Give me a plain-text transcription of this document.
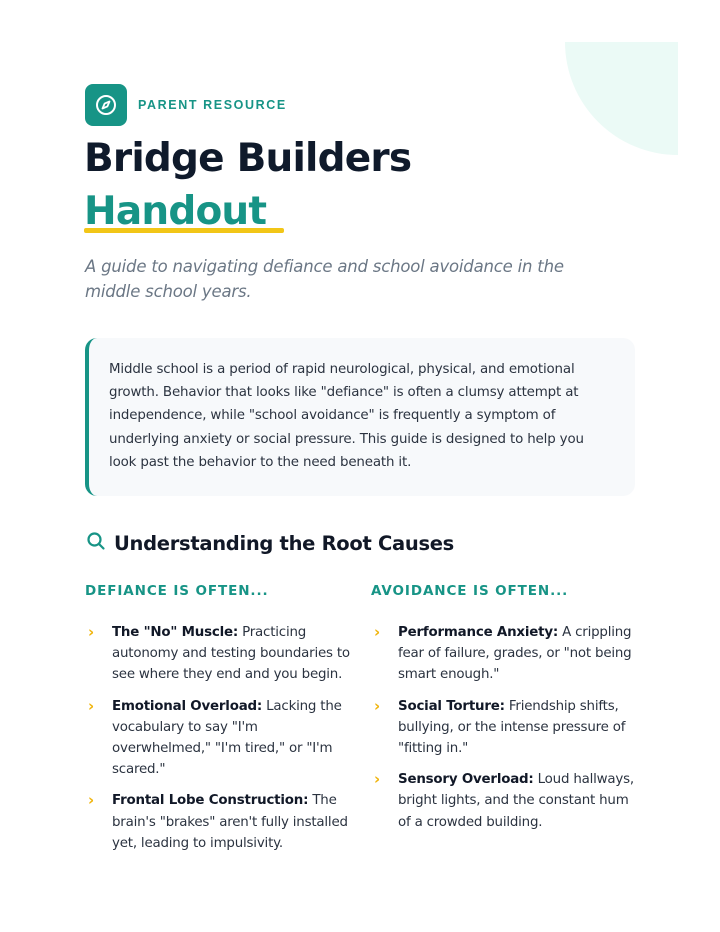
PARENT RESOURCE
Bridge Builders
Handout

A guide to navigating defiance and school avoidance in the middle school years.

Middle school is a period of rapid neurological, physical, and emotional growth. Behavior that looks like "defiance" is often a clumsy attempt at independence, while "school avoidance" is frequently a symptom of underlying anxiety or social pressure. This guide is designed to help you look past the behavior to the need beneath it.

Understanding the Root Causes
DEFIANCE IS OFTEN...
› The "No" Muscle: Practicing autonomy and testing boundaries to see where they end and you begin.

› Emotional Overload: Lacking the vocabulary to say "I'm overwhelmed," "I'm tired," or "I'm scared."

› Frontal Lobe Construction: The brain's "brakes" aren't fully installed yet, leading to impulsivity.

AVOIDANCE IS OFTEN...
› Performance Anxiety: A crippling fear of failure, grades, or "not being smart enough."

› Social Torture: Friendship shifts, bullying, or the intense pressure of "fitting in."

› Sensory Overload: Loud hallways, bright lights, and the constant hum of a crowded building.
